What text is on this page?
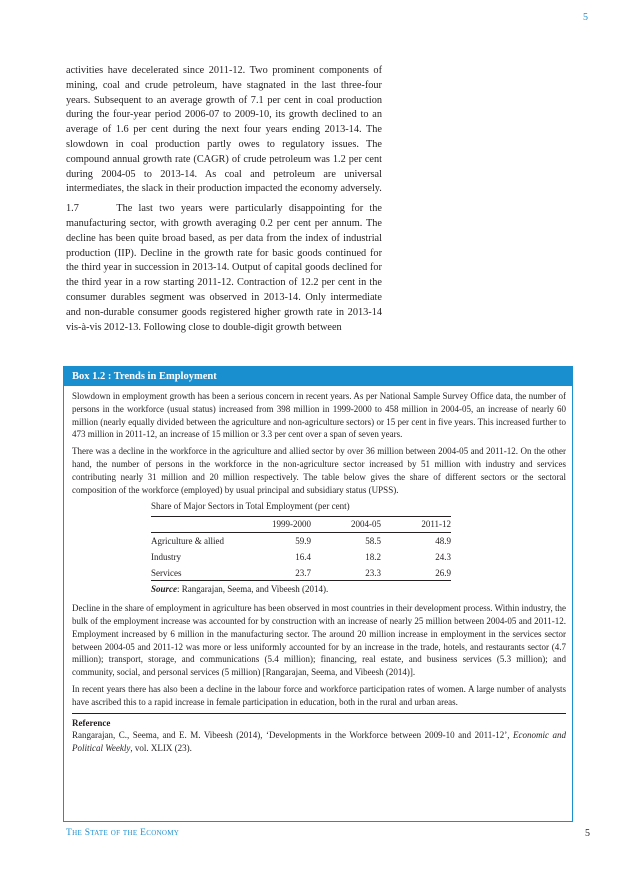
5

activities have decelerated since 2011-12. Two prominent components of mining, coal and crude petroleum, have stagnated in the last three-four years. Subsequent to an average growth of 7.1 per cent in coal production during the four-year period 2006-07 to 2009-10, its growth declined to an average of 1.6 per cent during the next four years ending 2013-14. The slowdown in coal production partly owes to regulatory issues. The compound annual growth rate (CAGR) of crude petroleum was 1.2 per cent during 2004-05 to 2013-14. As coal and petroleum are universal intermediates, the slack in their production impacted the economy adversely.

1.7      The last two years were particularly disappointing for the manufacturing sector, with growth averaging 0.2 per cent per annum. The decline has been quite broad based, as per data from the index of industrial production (IIP). Decline in the growth rate for basic goods continued for the third year in succession in 2013-14. Output of capital goods declined for the third year in a row starting 2011-12. Contraction of 12.2 per cent in the consumer durables segment was observed in 2013-14. Only intermediate and non-durable consumer goods registered higher growth rate in 2013-14 vis-à-vis 2012-13. Following close to double-digit growth between

Box 1.2 : Trends in Employment

Slowdown in employment growth has been a serious concern in recent years. As per National Sample Survey Office data, the number of persons in the workforce (usual status) increased from 398 million in 1999-2000 to 458 million in 2004-05, an increase of nearly 60 million (nearly equally divided between the agriculture and non-agriculture sectors) or 15 per cent in five years. This increased further to 473 million in 2011-12, an increase of 15 million or 3.3 per cent over a span of seven years.

There was a decline in the workforce in the agriculture and allied sector by over 36 million between 2004-05 and 2011-12. On the other hand, the number of persons in the workforce in the non-agriculture sector increased by 51 million with industry and services contributing nearly 31 million and 20 million respectively. The table below gives the share of different sectors or the sectoral composition of the workforce (employed) by usual principal and subsidiary status (UPSS).

Share of Major Sectors in Total Employment (per cent)
	1999-2000	2004-05	2011-12
Agriculture & allied	59.9	58.5	48.9
Industry	16.4	18.2	24.3
Services	23.7	23.3	26.9
Source: Rangarajan, Seema, and Vibeesh (2014).

Decline in the share of employment in agriculture has been observed in most countries in their development process. Within industry, the bulk of the employment increase was accounted for by construction with an increase of nearly 25 million between 2004-05 and 2011-12. Employment increased by 6 million in the manufacturing sector. The around 20 million increase in employment in the services sector between 2004-05 and 2011-12 was more or less uniformly accounted for by an increase in the trade, hotels, and restaurants sector (4.7 million); transport, storage, and communications (5.4 million); financing, real estate, and business services (5.3 million); and community, social, and personal services (5 million) [Rangarajan, Seema, and Vibeesh (2014)].

In recent years there has also been a decline in the labour force and workforce participation rates of women. A large number of analysts have ascribed this to a rapid increase in female participation in education, both in the rural and urban areas.

Reference

Rangarajan, C., Seema, and E. M. Vibeesh (2014), ‘Developments in the Workforce between 2009-10 and 2011-12’, Economic and Political Weekly, vol. XLIX (23).

The State of the Economy	5
